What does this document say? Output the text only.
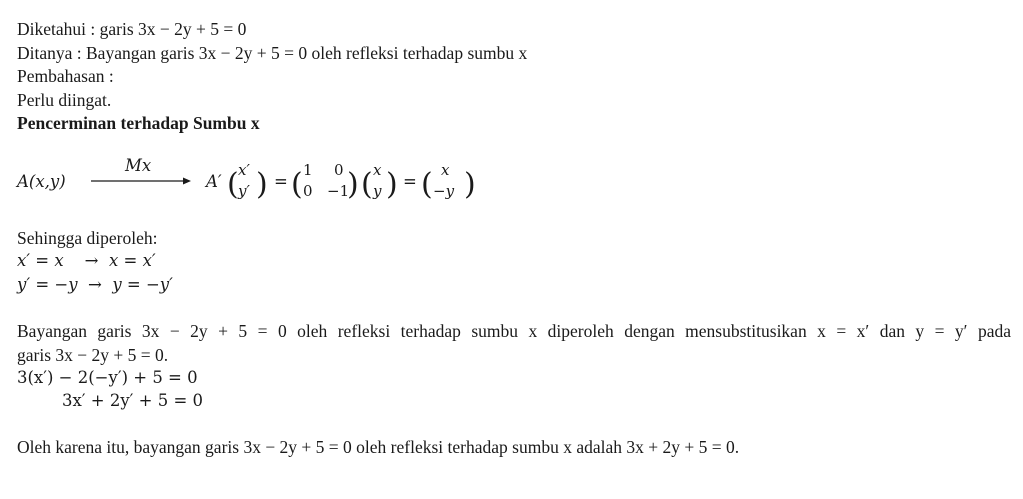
Diketahui : garis 3x − 2y + 5 = 0
Ditanya : Bayangan garis 3x − 2y + 5 = 0 oleh refleksi terhadap sumbu x
Pembahasan :
Perlu diingat.
Pencerminan terhadap Sumbu x
A(x,y)
Mx
A′ ( x′
y′ ) = ( 1 0
0 −1
) ( x
y ) = ( x
−y )
Sehingga diperoleh:
x′ = x    →  x = x′
y′ = −y  →  y = −y′
Bayangan garis 3x − 2y + 5 = 0 oleh refleksi terhadap sumbu x diperoleh dengan mensubstitusikan x = x′ dan y = y′ pada
garis 3x − 2y + 5 = 0.
3(x′) − 2(−y′) + 5 = 0
3x′ + 2y′ + 5 = 0
Oleh karena itu, bayangan garis 3x − 2y + 5 = 0 oleh refleksi terhadap sumbu x adalah 3x + 2y + 5 = 0.
